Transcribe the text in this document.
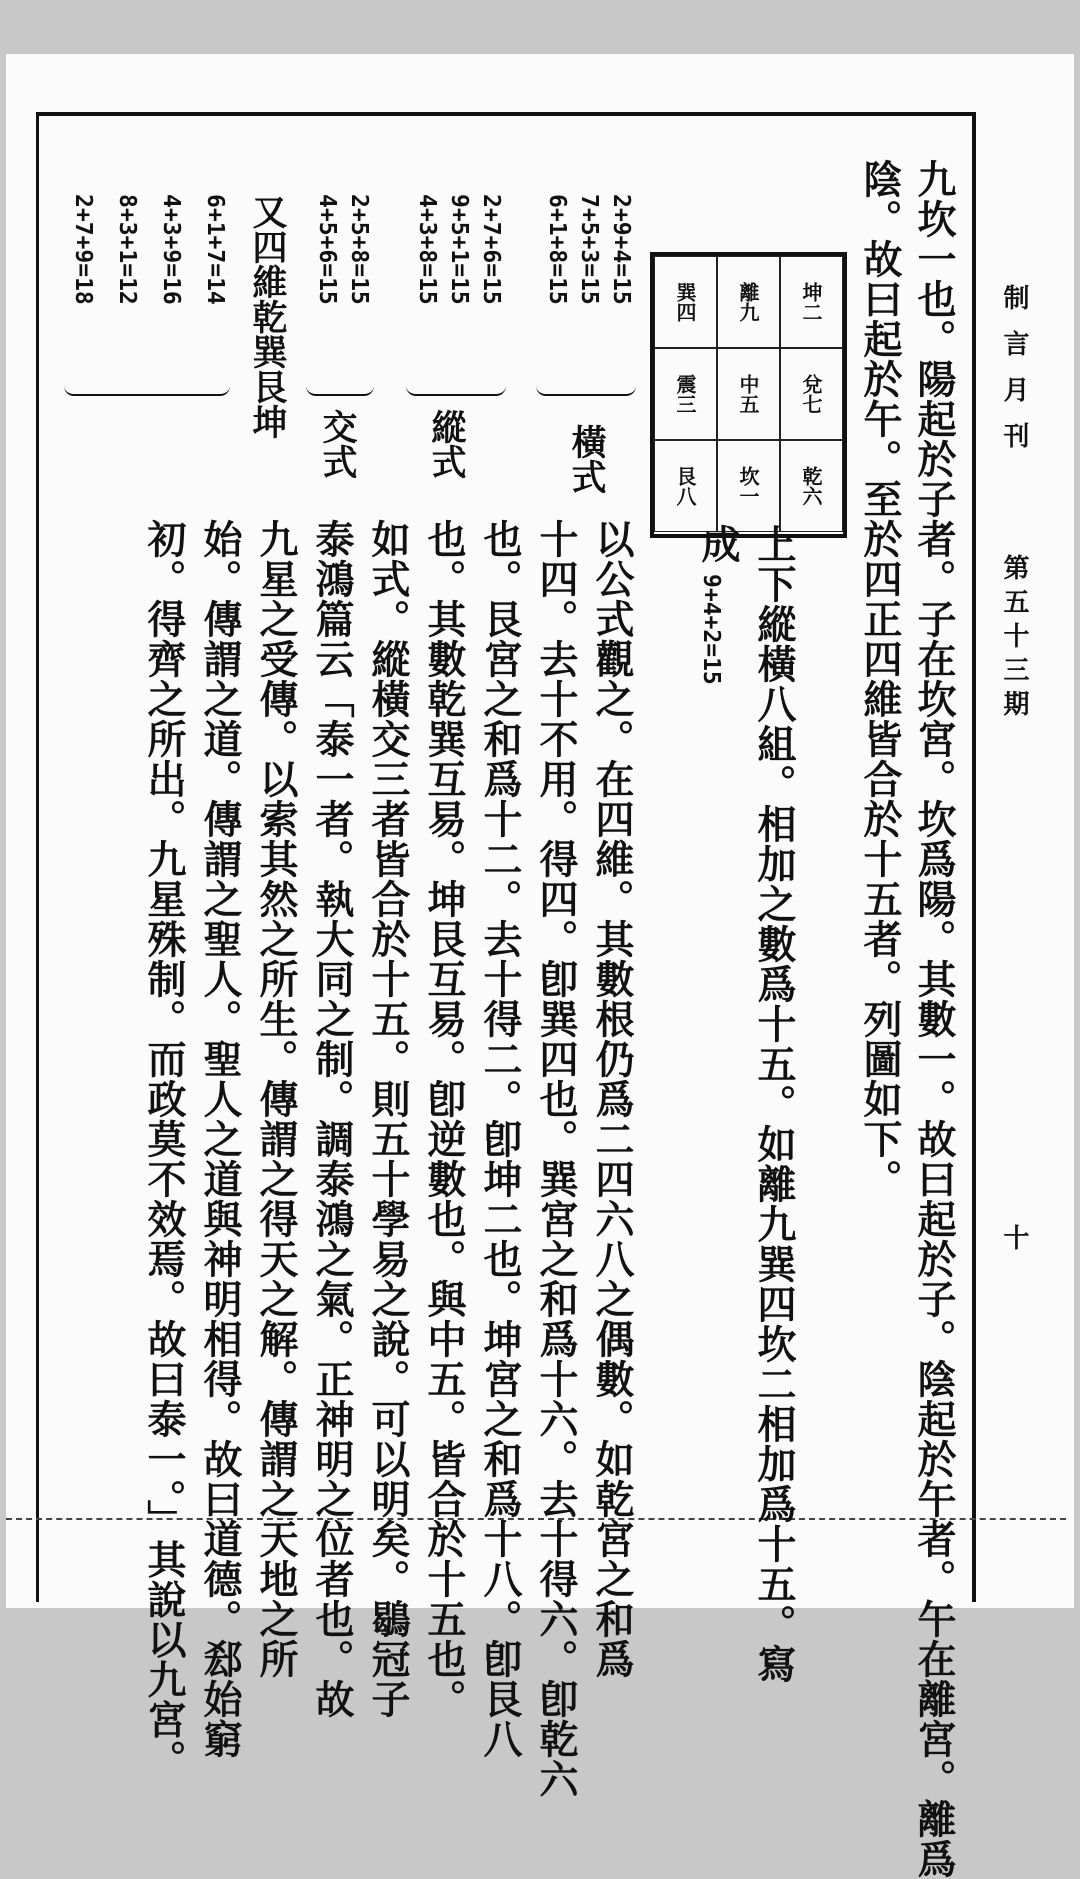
制言月刊
第五十三期
十
九坎一也。陽起於子者。子在坎宮。坎爲陽。其數一。故曰起於子。陰起於午者。午在離宮。離爲
陰。故曰起於午。至於四正四維皆合於十五者。列圖如下。
坤二
兌七
乾六
離九
中五
坎一
巽四
震三
艮八
2+9+4=15
7+5+3=15
6+1+8=15
橫式
2+7+6=15
9+5+1=15
4+3+8=15
縱式
2+5+8=15
4+5+6=15
交式
又四維乾巽艮坤
6+1+7=14
4+3+9=16
8+3+1=12
2+7+9=18
上下縱橫八組。相加之數爲十五。如離九巽四坎二相加爲十五。寫
成
9+4+2=15
以公式觀之。在四維。其數根仍爲二四六八之偶數。如乾宮之和爲
十四。去十不用。得四。卽巽四也。巽宮之和爲十六。去十得六。卽乾六
也。艮宮之和爲十二。去十得二。卽坤二也。坤宮之和爲十八。卽艮八
也。其數乾巽互易。坤艮互易。卽逆數也。與中五。皆合於十五也。
如式。縱橫交三者皆合於十五。則五十學易之說。可以明矣。鶡冠子
泰鴻篇云「泰一者。執大同之制。調泰鴻之氣。正神明之位者也。故
九星之受傳。以索其然之所生。傳謂之得天之解。傳謂之天地之所
始。傳謂之道。傳謂之聖人。聖人之道與神明相得。故曰道德。郄始窮
初。得齊之所出。九星殊制。而政莫不效焉。故曰泰一。」其說以九宮。
